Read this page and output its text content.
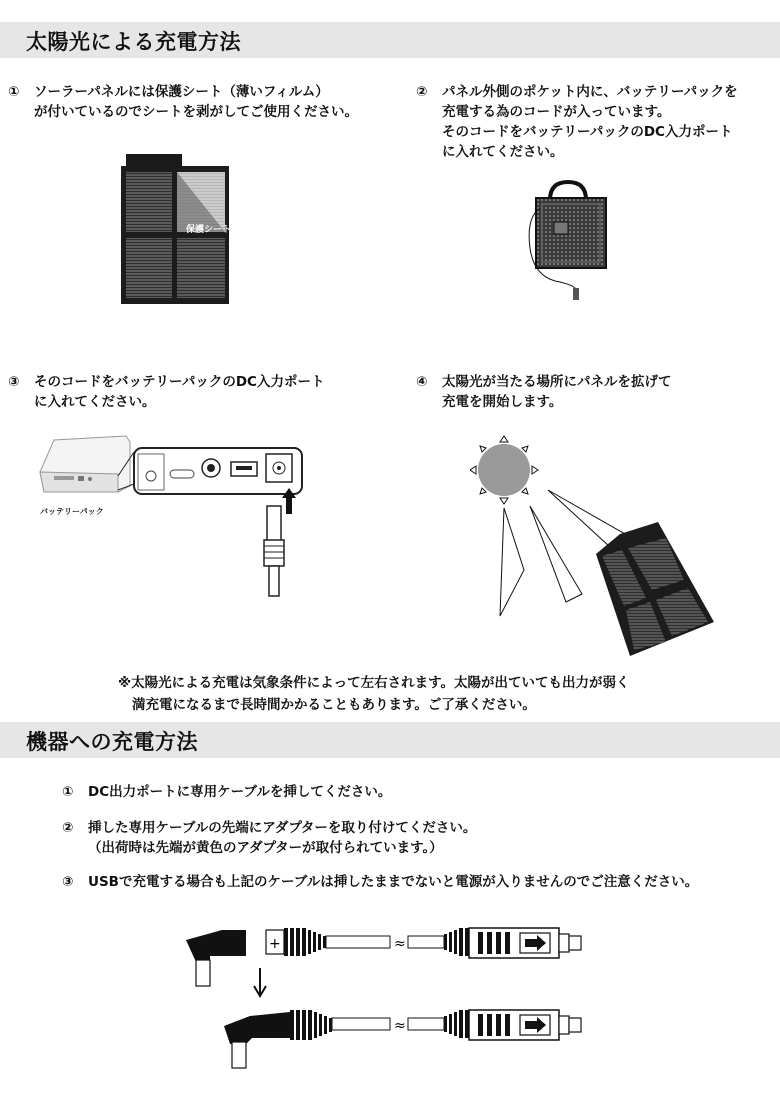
太陽光による充電方法
① ソーラーパネルには保護シート（薄いフィルム）
が付いているのでシートを剥がしてご使用ください。
② パネル外側のポケット内に、バッテリーパックを
充電する為のコードが入っています。
そのコードをバッテリーパックのDC入力ポート
に入れてください。
保護シート
③ そのコードをバッテリーパックのDC入力ポート
に入れてください。
④ 太陽光が当たる場所にパネルを拡げて
充電を開始します。
バッテリーパック
※太陽光による充電は気象条件によって左右されます。太陽が出ていても出力が弱く
満充電になるまで長時間かかることもあります。ご了承ください。
機器への充電方法
① DC出力ポートに専用ケーブルを挿してください。
② 挿した専用ケーブルの先端にアダプターを取り付けてください。
（出荷時は先端が黄色のアダプターが取付られています。）
③ USBで充電する場合も上記のケーブルは挿したままでないと電源が入りませんのでご注意ください。
+	≈
≈
